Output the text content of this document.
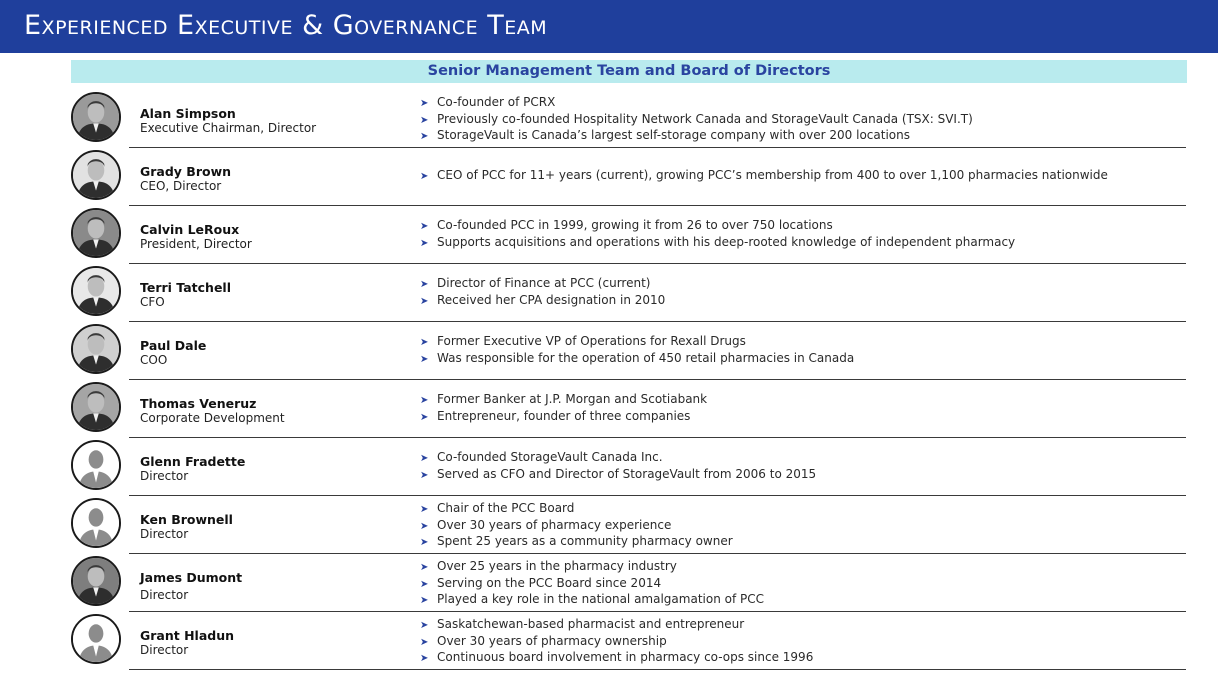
Experienced Executive & Governance Team
Senior Management Team and Board of Directors
Alan Simpson
Executive Chairman, Director
➤ Co-founder of PCRX
➤ Previously co-founded Hospitality Network Canada and StorageVault Canada (TSX: SVI.T)
➤ StorageVault is Canada’s largest self-storage company with over 200 locations
Grady Brown
CEO, Director
➤ CEO of PCC for 11+ years (current), growing PCC’s membership from 400 to over 1,100 pharmacies nationwide
Calvin LeRoux
President, Director
➤ Co-founded PCC in 1999, growing it from 26 to over 750 locations
➤ Supports acquisitions and operations with his deep-rooted knowledge of independent pharmacy
Terri Tatchell
CFO
➤ Director of Finance at PCC (current)
➤ Received her CPA designation in 2010
Paul Dale
COO
➤ Former Executive VP of Operations for Rexall Drugs
➤ Was responsible for the operation of 450 retail pharmacies in Canada
Thomas Veneruz
Corporate Development
➤ Former Banker at J.P. Morgan and Scotiabank
➤ Entrepreneur, founder of three companies
Glenn Fradette
Director
➤ Co-founded StorageVault Canada Inc.
➤ Served as CFO and Director of StorageVault from 2006 to 2015
Ken Brownell
Director
➤ Chair of the PCC Board
➤ Over 30 years of pharmacy experience
➤ Spent 25 years as a community pharmacy owner
James Dumont
Director
➤ Over 25 years in the pharmacy industry
➤ Serving on the PCC Board since 2014
➤ Played a key role in the national amalgamation of PCC
Grant Hladun
Director
➤ Saskatchewan-based pharmacist and entrepreneur
➤ Over 30 years of pharmacy ownership
➤ Continuous board involvement in pharmacy co-ops since 1996
